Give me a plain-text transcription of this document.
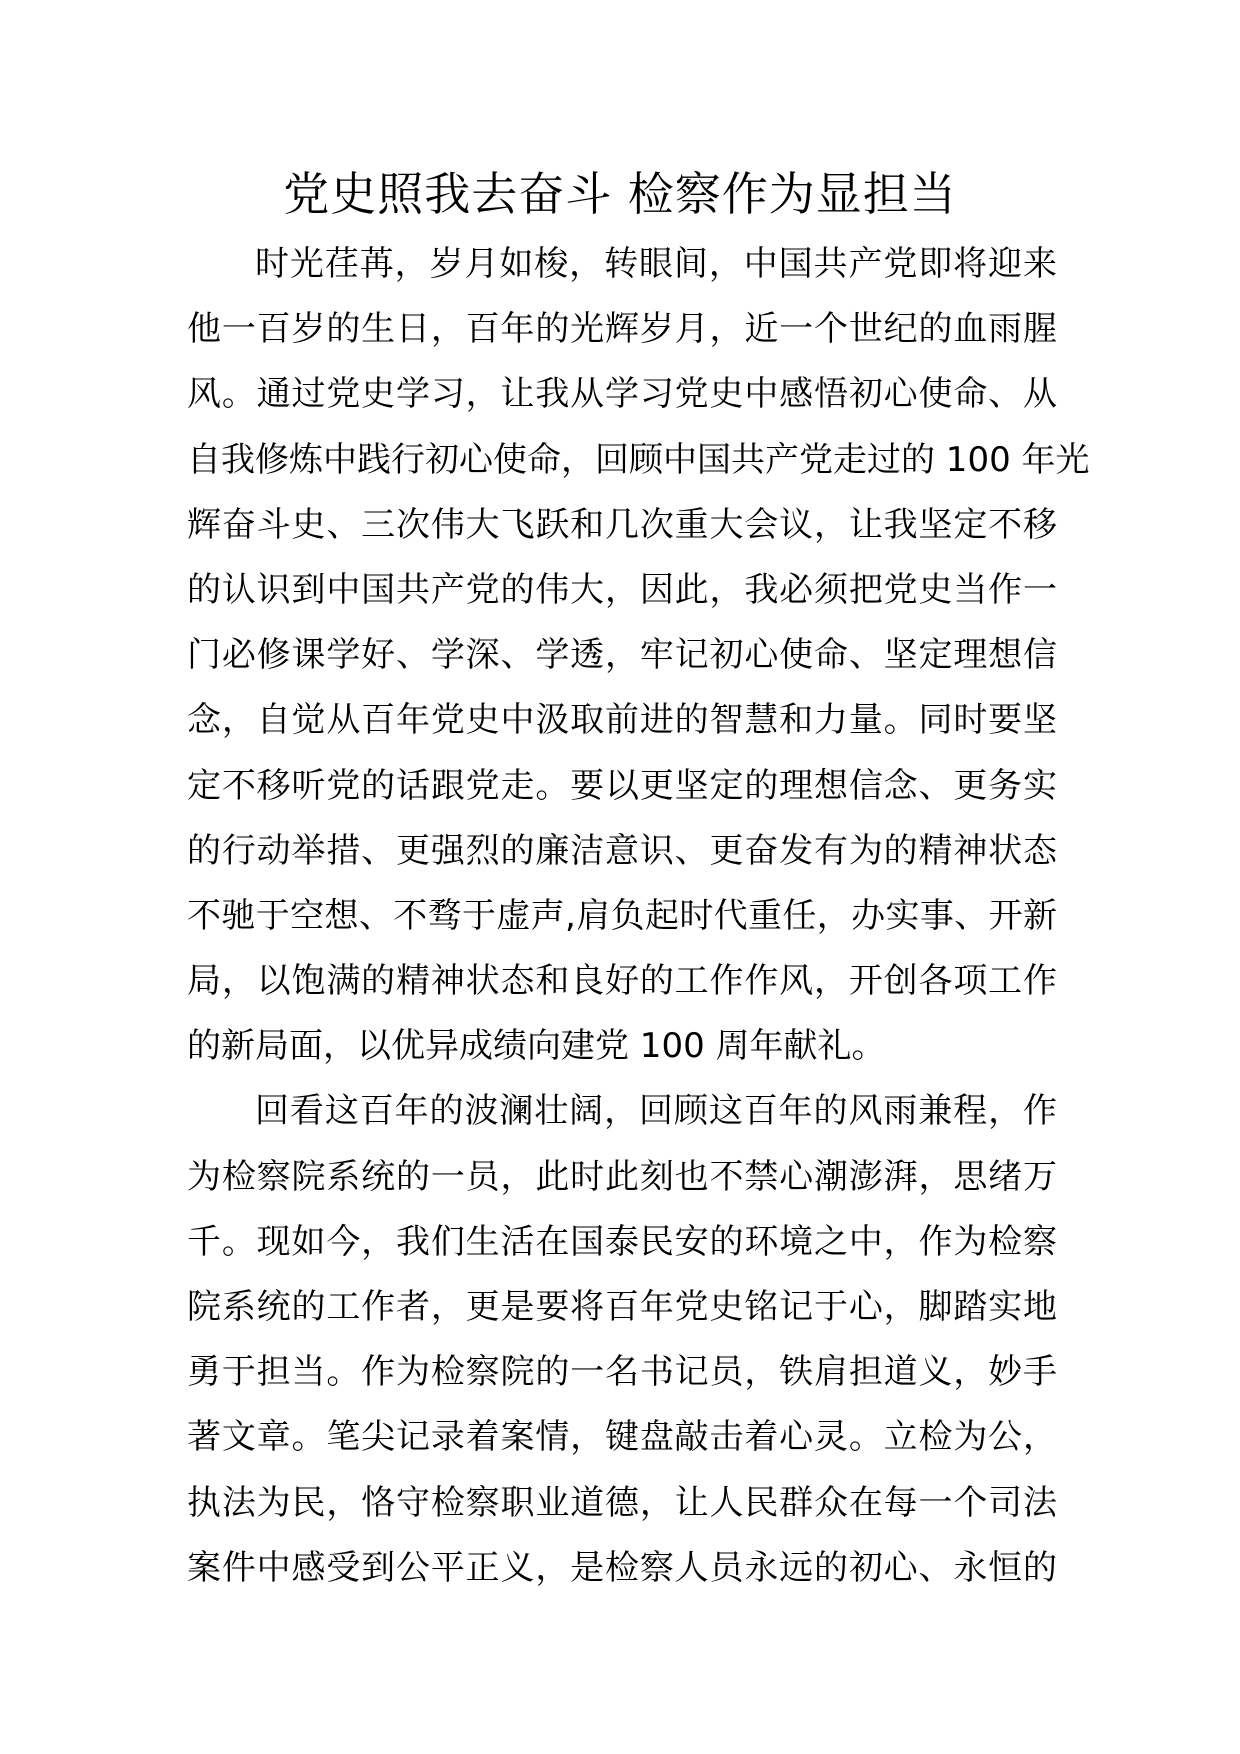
党史照我去奋斗 检察作为显担当
时光荏苒，岁月如梭，转眼间，中国共产党即将迎来
他一百岁的生日，百年的光辉岁月，近一个世纪的血雨腥
风。通过党史学习，让我从学习党史中感悟初心使命、从
自我修炼中践行初心使命，回顾中国共产党走过的 100 年光
辉奋斗史、三次伟大飞跃和几次重大会议，让我坚定不移
的认识到中国共产党的伟大，因此，我必须把党史当作一
门必修课学好、学深、学透，牢记初心使命、坚定理想信
念，自觉从百年党史中汲取前进的智慧和力量。同时要坚
定不移听党的话跟党走。要以更坚定的理想信念、更务实
的行动举措、更强烈的廉洁意识、更奋发有为的精神状态
不驰于空想、不骛于虚声,肩负起时代重任，办实事、开新
局，以饱满的精神状态和良好的工作作风，开创各项工作
的新局面，以优异成绩向建党 100 周年献礼。
回看这百年的波澜壮阔，回顾这百年的风雨兼程，作
为检察院系统的一员，此时此刻也不禁心潮澎湃，思绪万
千。现如今，我们生活在国泰民安的环境之中，作为检察
院系统的工作者，更是要将百年党史铭记于心，脚踏实地
勇于担当。作为检察院的一名书记员，铁肩担道义，妙手
著文章。笔尖记录着案情，键盘敲击着心灵。立检为公，
执法为民，恪守检察职业道德，让人民群众在每一个司法
案件中感受到公平正义，是检察人员永远的初心、永恒的
